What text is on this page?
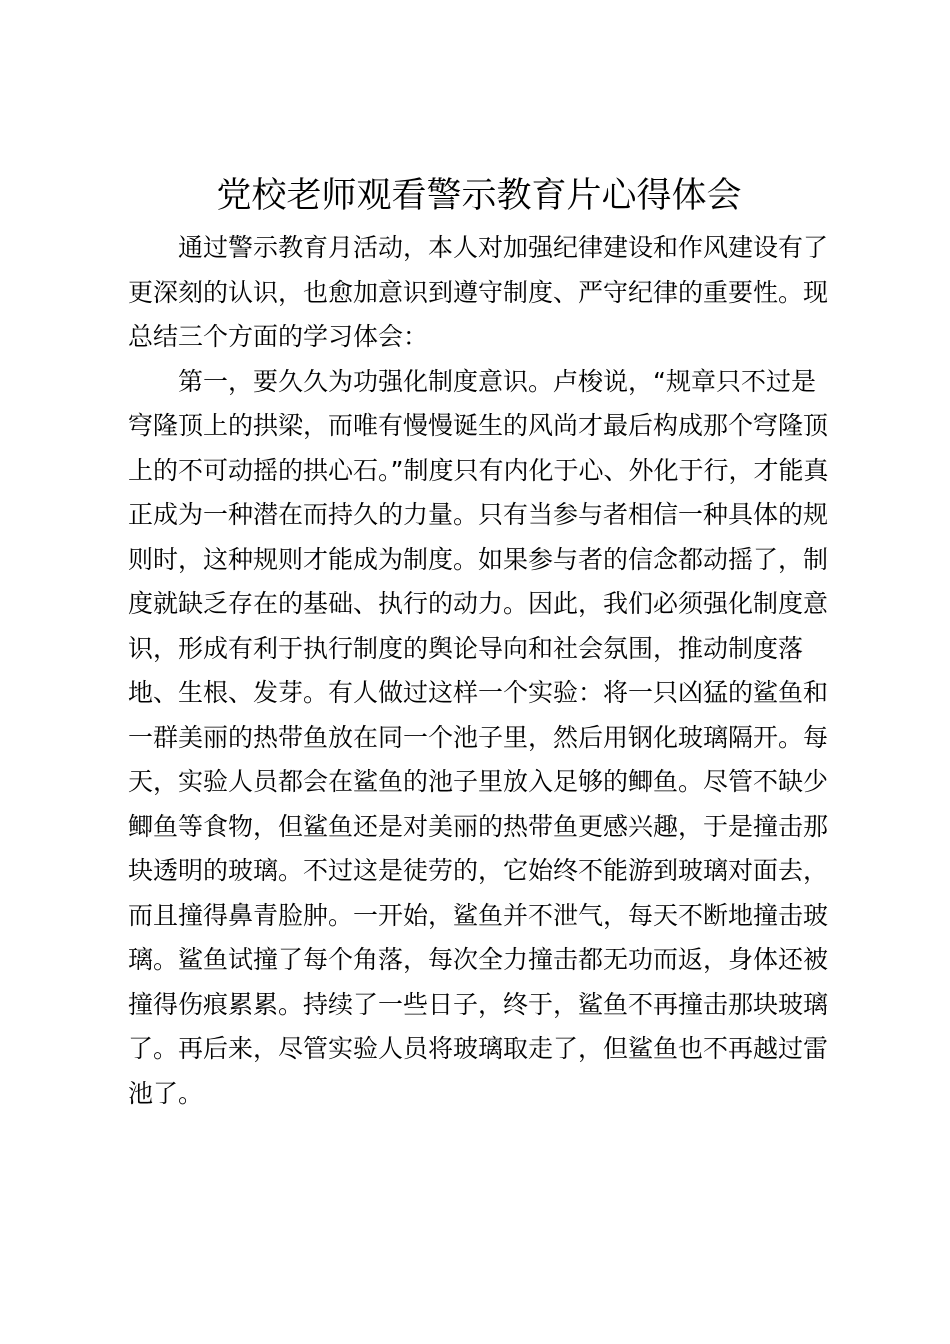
党校老师观看警示教育片心得体会

通过警示教育月活动，本人对加强纪律建设和作风建设有了更深刻的认识，也愈加意识到遵守制度、严守纪律的重要性。现总结三个方面的学习体会：

第一，要久久为功强化制度意识。卢梭说，“规章只不过是穹隆顶上的拱梁，而唯有慢慢诞生的风尚才最后构成那个穹隆顶上的不可动摇的拱心石。”制度只有内化于心、外化于行，才能真正成为一种潜在而持久的力量。只有当参与者相信一种具体的规则时，这种规则才能成为制度。如果参与者的信念都动摇了，制度就缺乏存在的基础、执行的动力。因此，我们必须强化制度意识，形成有利于执行制度的舆论导向和社会氛围，推动制度落地、生根、发芽。有人做过这样一个实验：将一只凶猛的鲨鱼和一群美丽的热带鱼放在同一个池子里，然后用钢化玻璃隔开。每天，实验人员都会在鲨鱼的池子里放入足够的鲫鱼。尽管不缺少鲫鱼等食物，但鲨鱼还是对美丽的热带鱼更感兴趣，于是撞击那块透明的玻璃。不过这是徒劳的，它始终不能游到玻璃对面去，而且撞得鼻青脸肿。一开始，鲨鱼并不泄气，每天不断地撞击玻璃。鲨鱼试撞了每个角落，每次全力撞击都无功而返，身体还被撞得伤痕累累。持续了一些日子，终于，鲨鱼不再撞击那块玻璃了。再后来，尽管实验人员将玻璃取走了，但鲨鱼也不再越过雷池了。
